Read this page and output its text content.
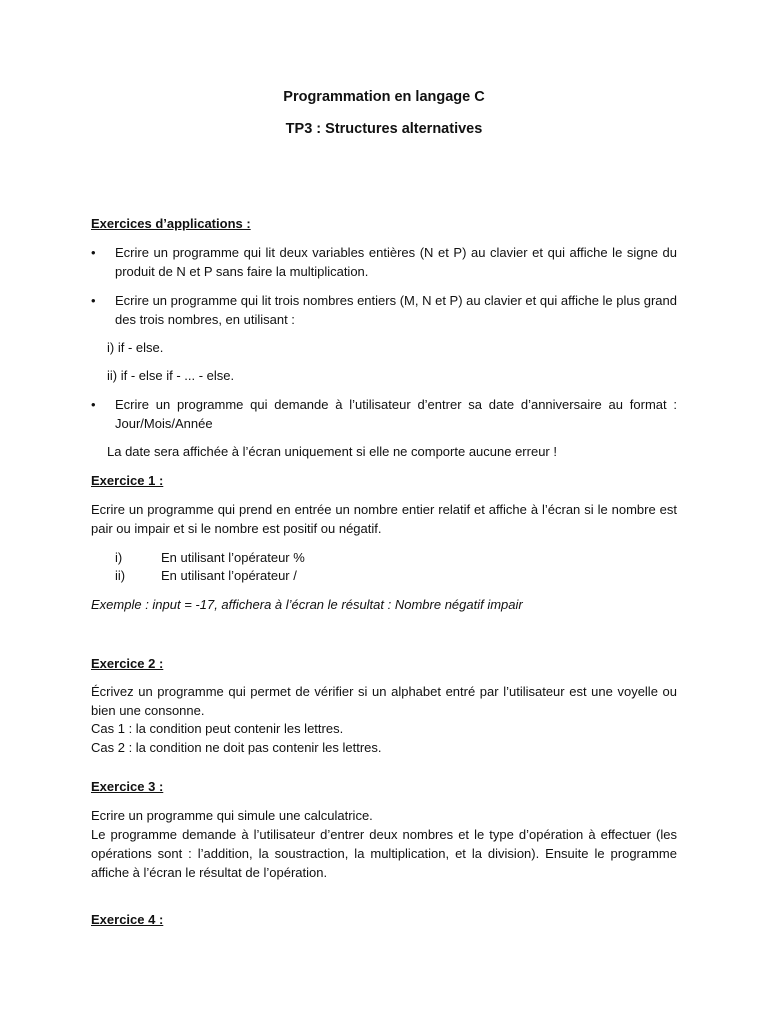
Programmation en langage C
TP3 : Structures alternatives
Exercices d’applications :
• Ecrire un programme qui lit deux variables entières (N et P) au clavier et qui affiche le signe du produit de N et P sans faire la multiplication.
• Ecrire un programme qui lit trois nombres entiers (M, N et P) au clavier et qui affiche le plus grand des trois nombres, en utilisant :
i) if - else.
ii) if - else if - ... - else.
• Ecrire un programme qui demande à l’utilisateur d’entrer sa date d’anniversaire au format : Jour/Mois/Année
La date sera affichée à l’écran uniquement si elle ne comporte aucune erreur !
Exercice 1 :
Ecrire un programme qui prend en entrée un nombre entier relatif et affiche à l’écran si le nombre est pair ou impair et si le nombre est positif ou négatif.
i)	En utilisant l’opérateur %
ii)	En utilisant l’opérateur /
Exemple : input = -17, affichera à l’écran le résultat : Nombre négatif impair
Exercice 2 :
Écrivez un programme qui permet de vérifier si un alphabet entré par l’utilisateur est une voyelle ou bien une consonne.
Cas 1 : la condition peut contenir les lettres.
Cas 2 : la condition ne doit pas contenir les lettres.
Exercice 3 :
Ecrire un programme qui simule une calculatrice.
Le programme demande à l’utilisateur d’entrer deux nombres et le type d’opération à effectuer (les opérations sont : l’addition, la soustraction, la multiplication, et la division). Ensuite le programme affiche à l’écran le résultat de l’opération.
Exercice 4 :
